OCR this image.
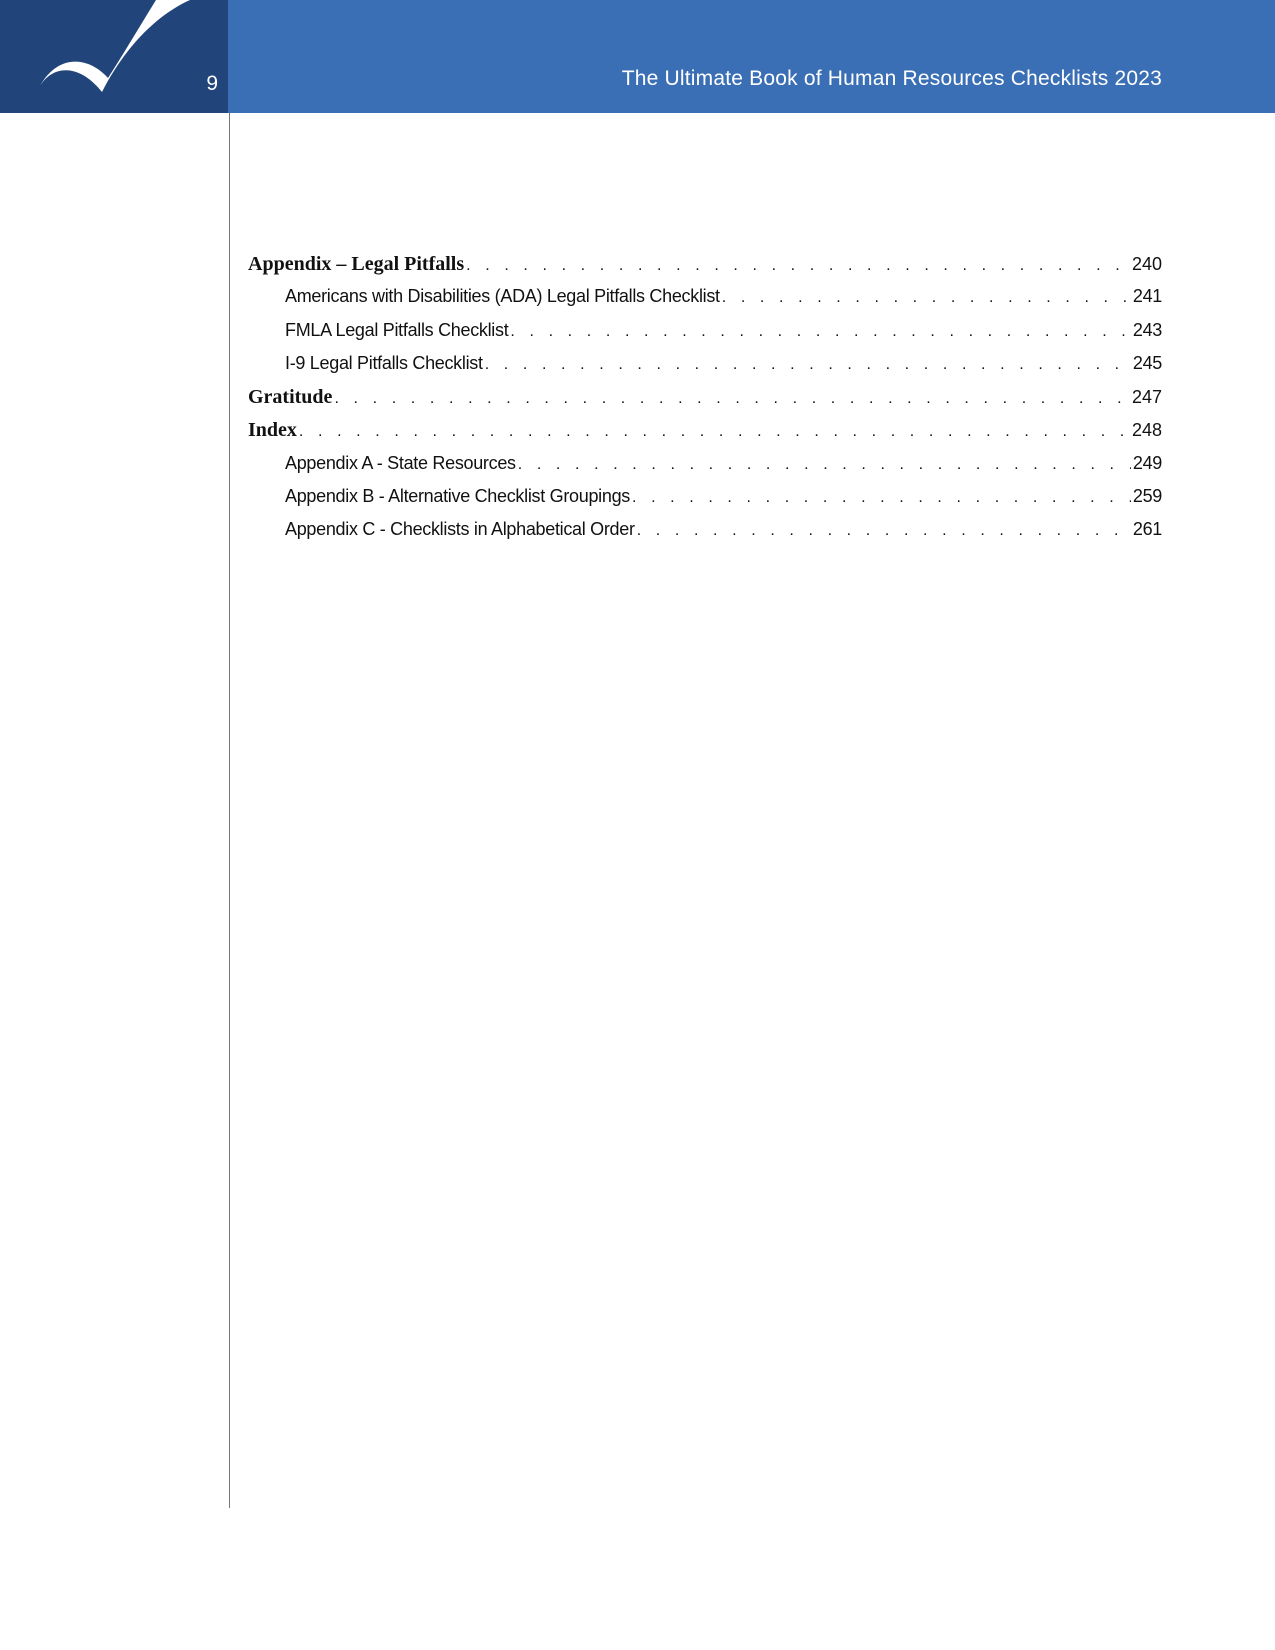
9	The Ultimate Book of Human Resources Checklists 2023
Appendix – Legal Pitfalls . . .	240
Americans with Disabilities (ADA) Legal Pitfalls Checklist . . .	241
FMLA Legal Pitfalls Checklist . . .	243
I-9 Legal Pitfalls Checklist . . .	245
Gratitude . . .	247
Index . . .	248
Appendix A - State Resources . . .	249
Appendix B - Alternative Checklist Groupings . . .	259
Appendix C - Checklists in Alphabetical Order . . .	261
